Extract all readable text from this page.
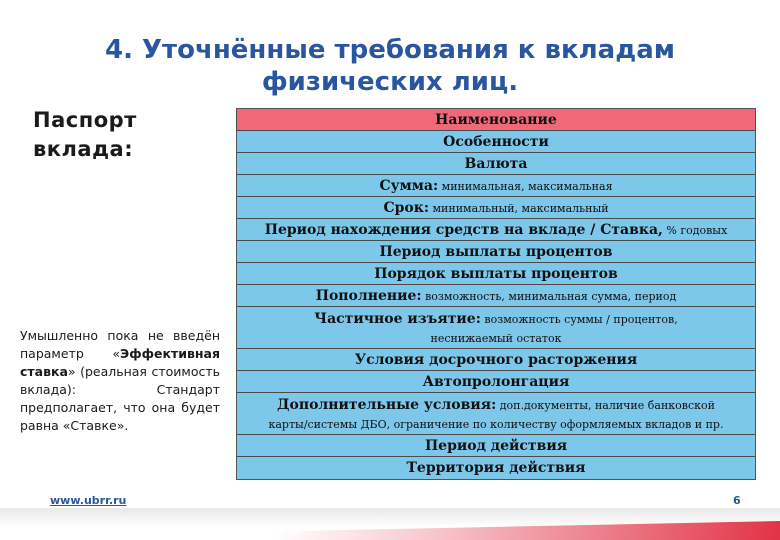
4. Уточнённые требования к вкладам
физических лиц.
Паспорт
вклада:
Умышленно пока не введён параметр «Эффективная ставка» (реальная стоимость вклада): Стандарт предполагает, что она будет равна «Ставке».
Наименование
Особенности
Валюта
Сумма: минимальная, максимальная
Срок: минимальный, максимальный
Период нахождения средств на вкладе / Ставка, % годовых
Период выплаты процентов
Порядок выплаты процентов
Пополнение: возможность, минимальная сумма, период
Частичное изъятие: возможность суммы / процентов,
неснижаемый остаток
Условия досрочного расторжения
Автопролонгация
Дополнительные условия: доп.документы, наличие банковской
карты/системы ДБО, ограничение по количеству оформляемых вкладов и пр.
Период действия
Территория действия
www.ubrr.ru	6
